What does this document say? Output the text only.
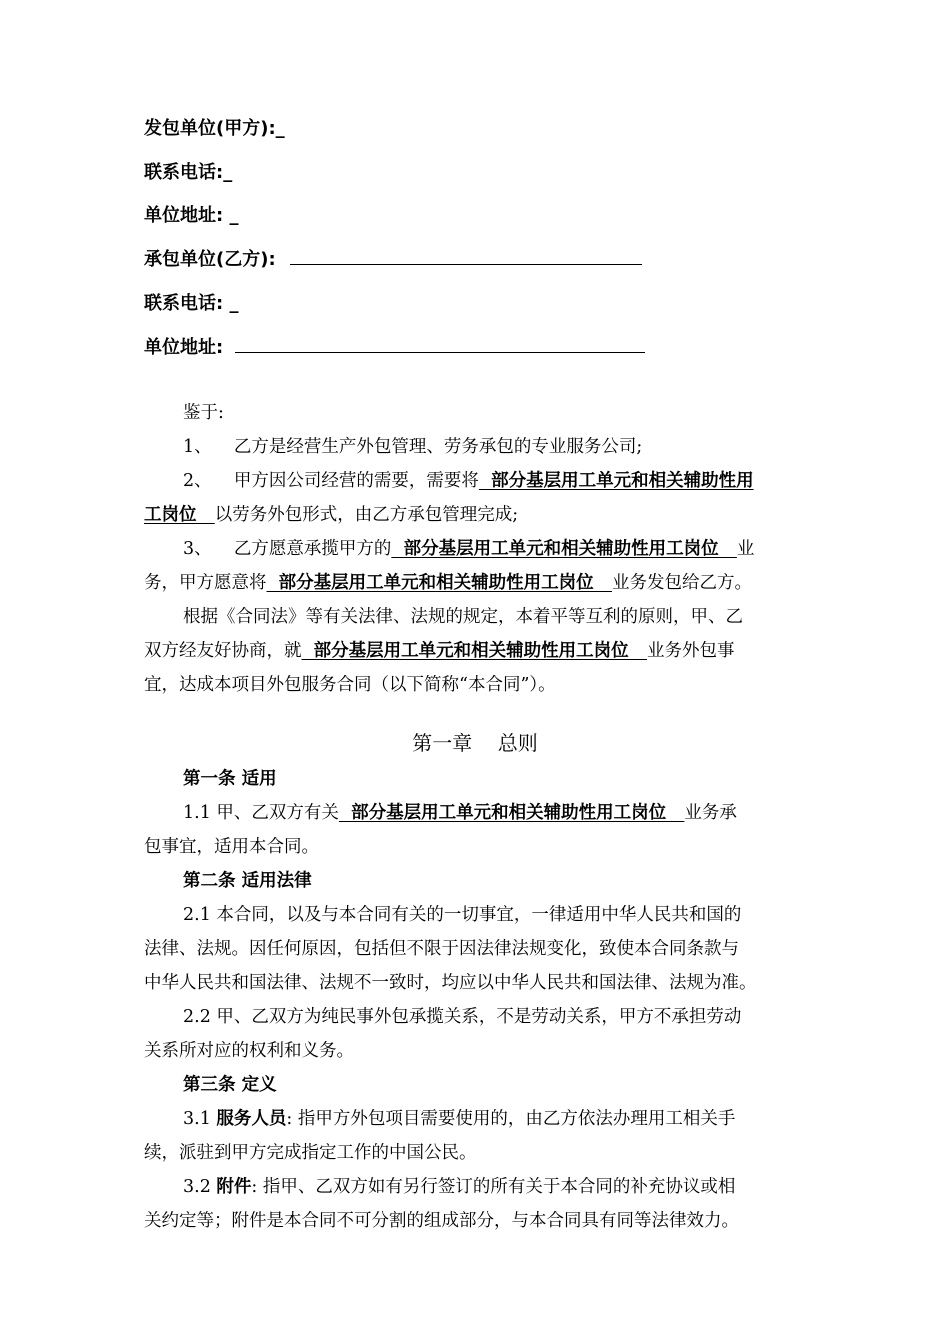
发包单位(甲方):_
联系电话:_
单位地址: _
承包单位(乙方):
联系电话: _
单位地址:

鉴于:

1、 乙方是经营生产外包管理、劳务承包的专业服务公司;

2、 甲方因公司经营的需要，需要将  部分基层用工单元和相关辅助性用

工岗位   以劳务外包形式，由乙方承包管理完成;

3、 乙方愿意承揽甲方的  部分基层用工单元和相关辅助性用工岗位   业

务，甲方愿意将  部分基层用工单元和相关辅助性用工岗位   业务发包给乙方。

根据《合同法》等有关法律、法规的规定，本着平等互利的原则，甲、乙

双方经友好协商，就  部分基层用工单元和相关辅助性用工岗位   业务外包事

宜，达成本项目外包服务合同（以下简称“本合同”）。

第一章    总则

第一条 适用

1.1 甲、乙双方有关  部分基层用工单元和相关辅助性用工岗位   业务承

包事宜，适用本合同。

第二条 适用法律

2.1 本合同，以及与本合同有关的一切事宜，一律适用中华人民共和国的

法律、法规。因任何原因，包括但不限于因法律法规变化，致使本合同条款与

中华人民共和国法律、法规不一致时，均应以中华人民共和国法律、法规为准。

2.2 甲、乙双方为纯民事外包承揽关系，不是劳动关系，甲方不承担劳动

关系所对应的权利和义务。

第三条 定义

3.1 服务人员: 指甲方外包项目需要使用的，由乙方依法办理用工相关手

续，派驻到甲方完成指定工作的中国公民。

3.2 附件: 指甲、乙双方如有另行签订的所有关于本合同的补充协议或相

关约定等；附件是本合同不可分割的组成部分，与本合同具有同等法律效力。
